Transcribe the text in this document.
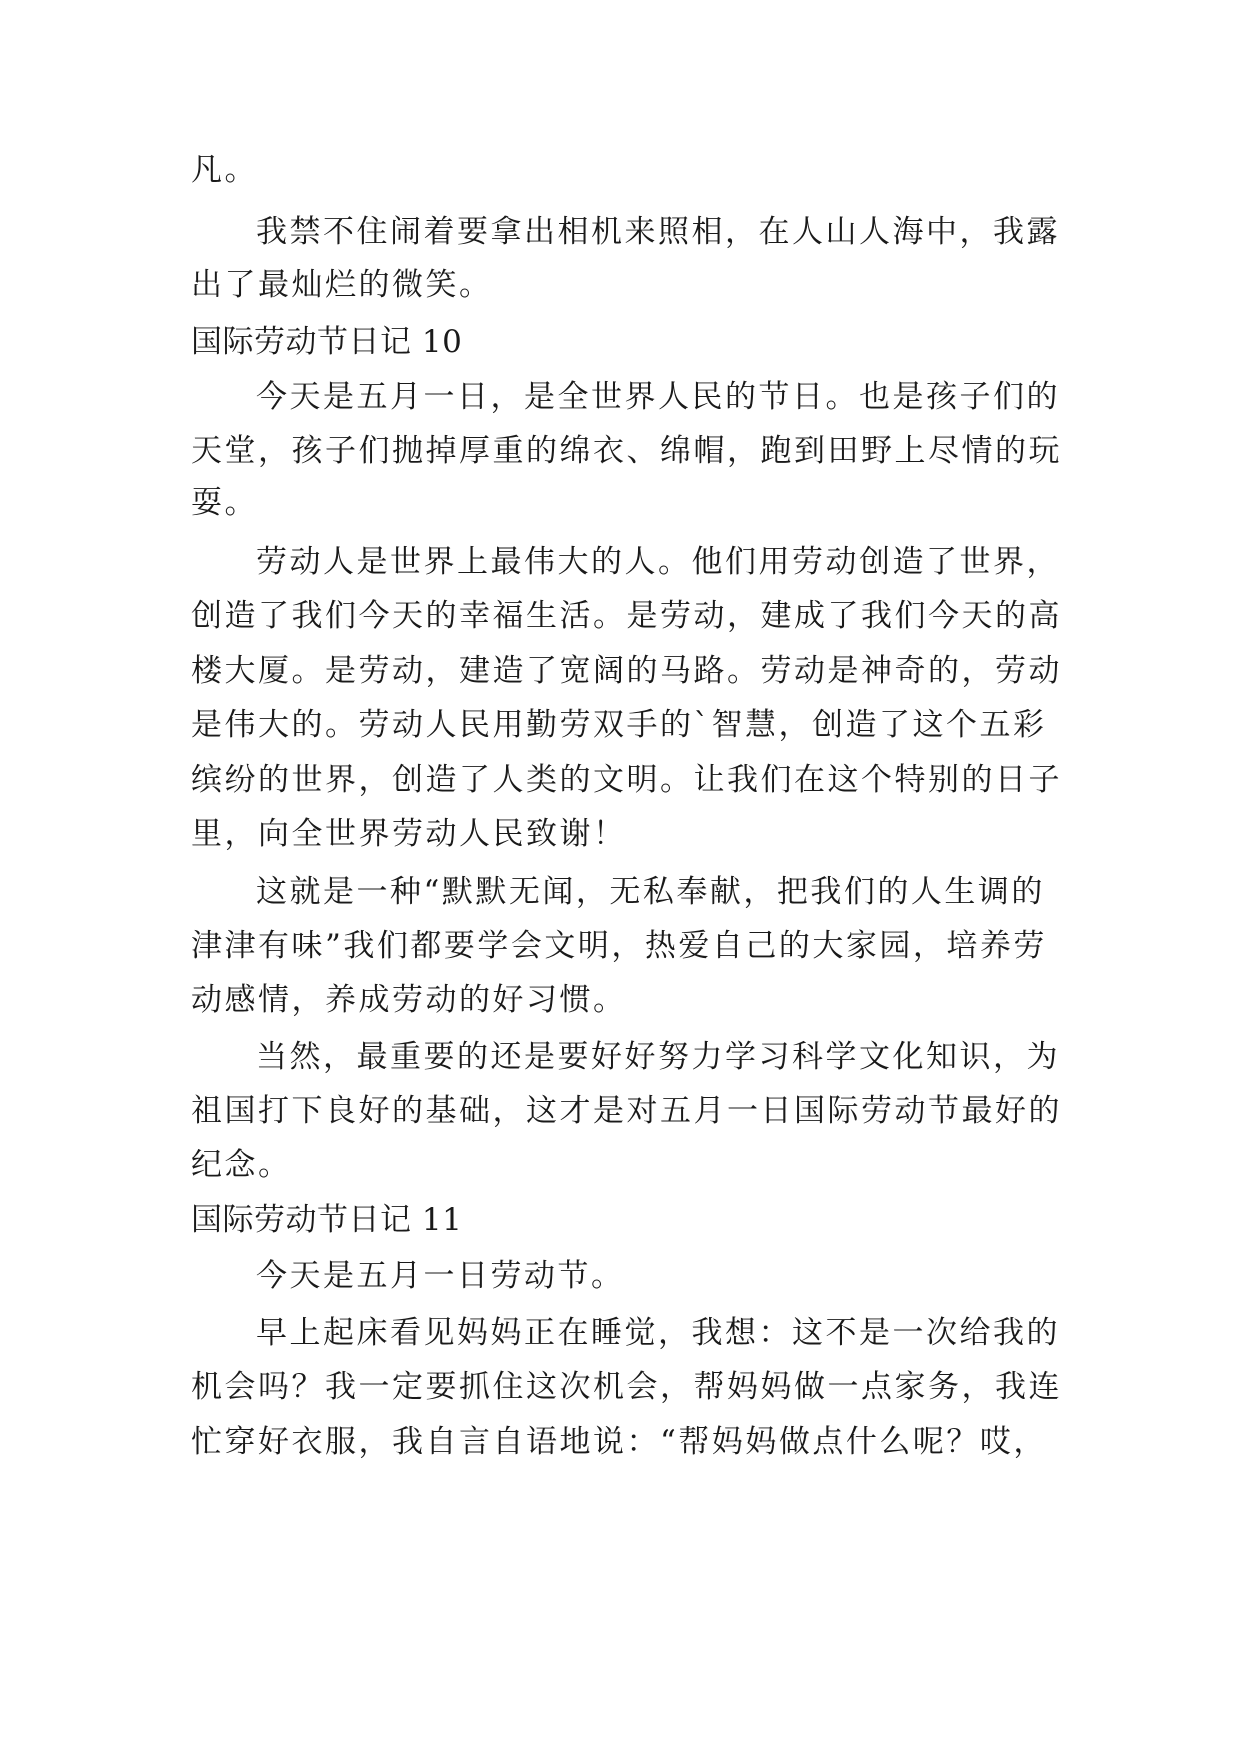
凡。

我禁不住闹着要拿出相机来照相，在人山人海中，我露

出了最灿烂的微笑。

国际劳动节日记 10

今天是五月一日，是全世界人民的节日。也是孩子们的

天堂，孩子们抛掉厚重的绵衣、绵帽，跑到田野上尽情的玩

耍。

劳动人是世界上最伟大的人。他们用劳动创造了世界，

创造了我们今天的幸福生活。是劳动，建成了我们今天的高

楼大厦。是劳动，建造了宽阔的马路。劳动是神奇的，劳动

是伟大的。劳动人民用勤劳双手的`智慧，创造了这个五彩

缤纷的世界，创造了人类的文明。让我们在这个特别的日子

里，向全世界劳动人民致谢！

这就是一种“默默无闻，无私奉献，把我们的人生调的

津津有味”我们都要学会文明，热爱自己的大家园，培养劳

动感情，养成劳动的好习惯。

当然，最重要的还是要好好努力学习科学文化知识，为

祖国打下良好的基础，这才是对五月一日国际劳动节最好的

纪念。

国际劳动节日记 11

今天是五月一日劳动节。

早上起床看见妈妈正在睡觉，我想：这不是一次给我的

机会吗？我一定要抓住这次机会，帮妈妈做一点家务，我连

忙穿好衣服，我自言自语地说：“帮妈妈做点什么呢？哎，
